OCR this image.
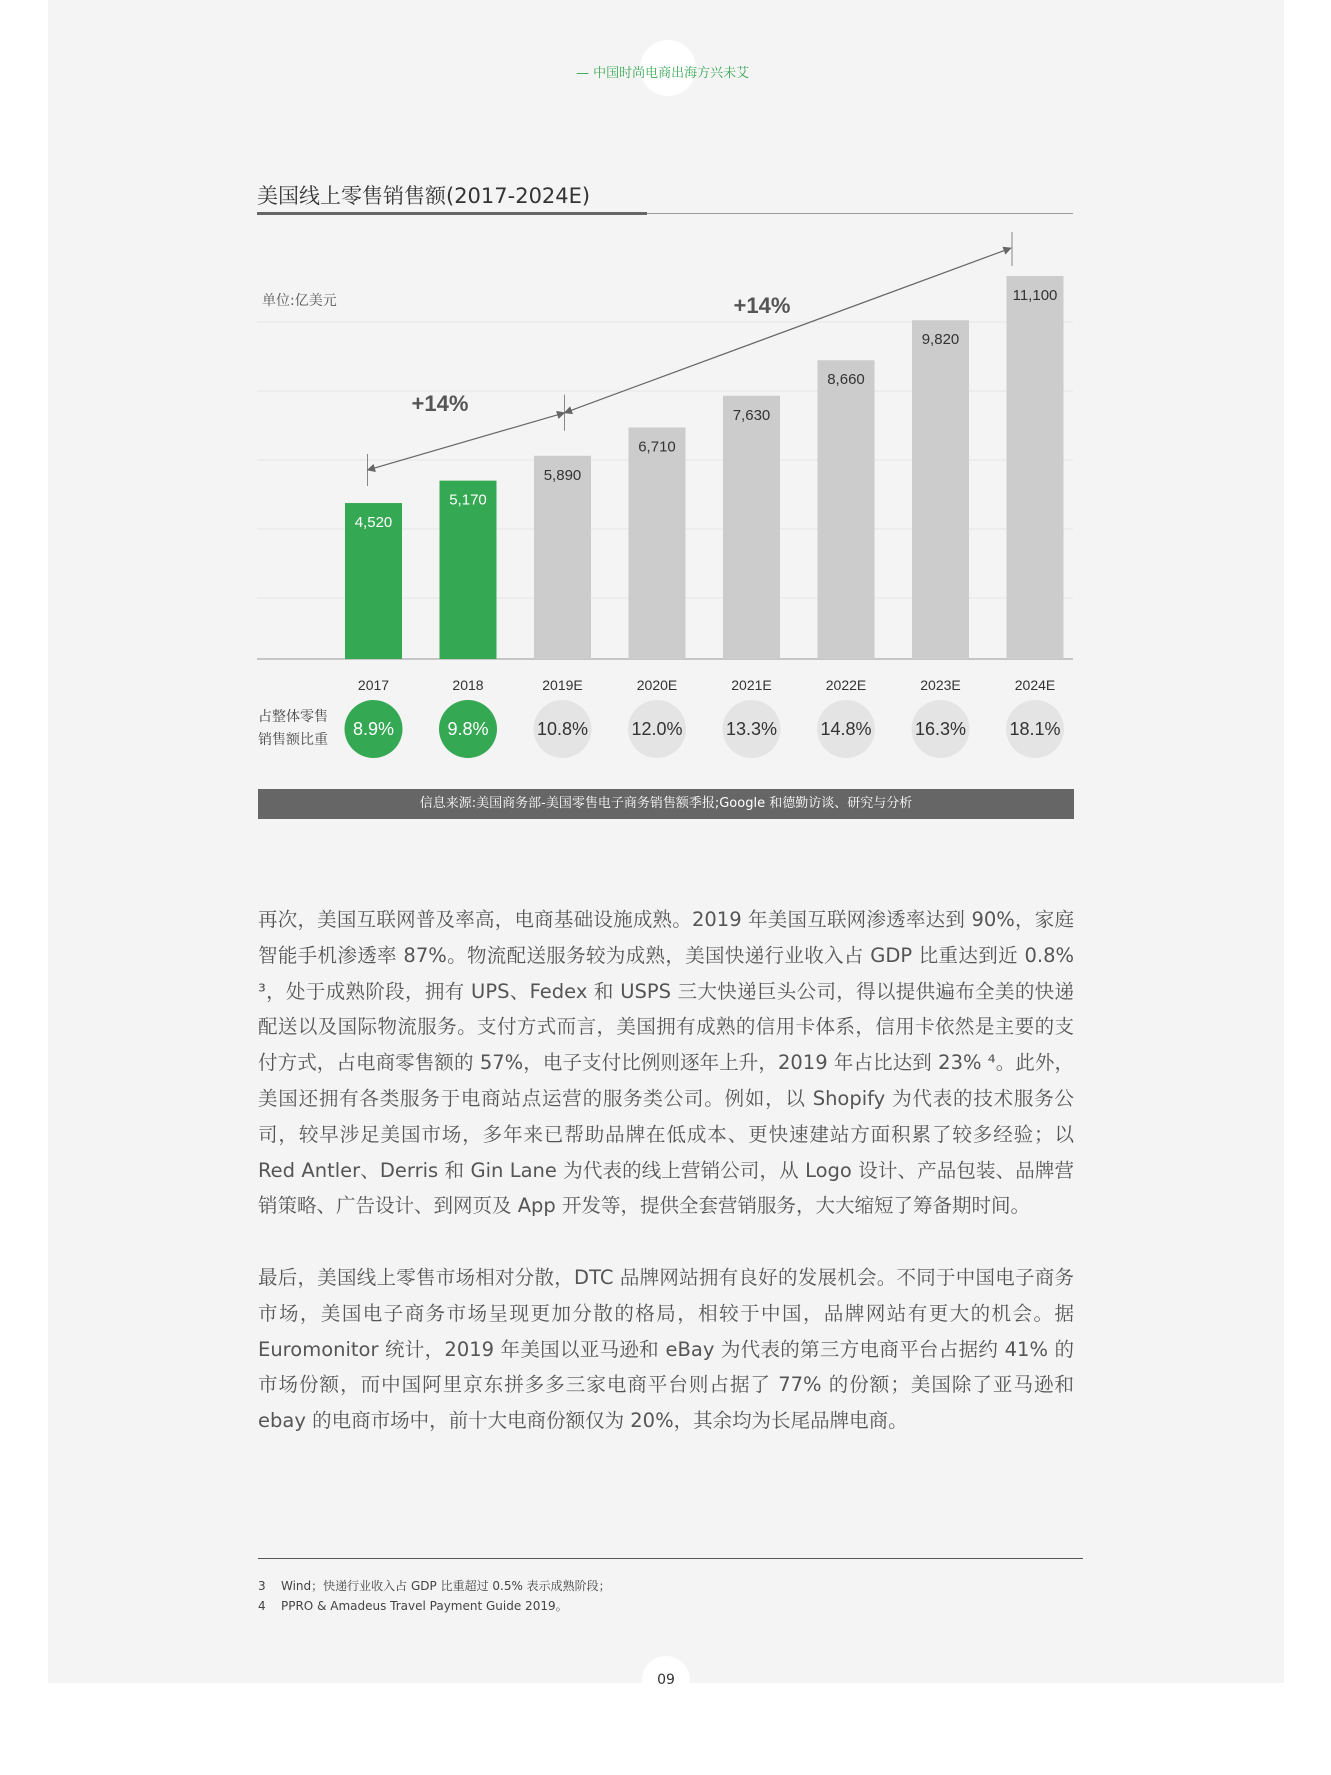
— 中国时尚电商出海方兴未艾
美国线上零售销售额(2017-2024E)
单位:亿美元
4,520
5,170
5,890
6,710
7,630
8,660
9,820
11,100
+14%
+14%
2017	2018	2019E	2020E	2021E	2022E	2023E	2024E
8.9%	9.8%	10.8% 12.0% 13.3% 14.8% 16.3% 18.1%
占整体零售
销售额比重
信息来源:美国商务部-美国零售电子商务销售额季报;Google 和德勤访谈、研究与分析

再次，美国互联网普及率高，电商基础设施成熟。2019 年美国互联网渗透率达到 90%，家庭智能手机渗透率 87%。物流配送服务较为成熟，美国快递行业收入占 GDP 比重达到近 0.8% ³，处于成熟阶段，拥有 UPS、Fedex 和 USPS 三大快递巨头公司，得以提供遍布全美的快递配送以及国际物流服务。支付方式而言，美国拥有成熟的信用卡体系，信用卡依然是主要的支付方式，占电商零售额的 57%，电子支付比例则逐年上升，2019 年占比达到 23% ⁴。此外，美国还拥有各类服务于电商站点运营的服务类公司。例如，以 Shopify 为代表的技术服务公司，较早涉足美国市场，多年来已帮助品牌在低成本、更快速建站方面积累了较多经验；以 Red Antler、Derris 和 Gin Lane 为代表的线上营销公司，从 Logo 设计、产品包装、品牌营销策略、广告设计、到网页及 App 开发等，提供全套营销服务，大大缩短了筹备期时间。

最后，美国线上零售市场相对分散，DTC 品牌网站拥有良好的发展机会。不同于中国电子商务市场，美国电子商务市场呈现更加分散的格局，相较于中国，品牌网站有更大的机会。据 Euromonitor 统计，2019 年美国以亚马逊和 eBay 为代表的第三方电商平台占据约 41% 的市场份额，而中国阿里京东拼多多三家电商平台则占据了 77% 的份额；美国除了亚马逊和 ebay 的电商市场中，前十大电商份额仅为 20%，其余均为长尾品牌电商。

3 Wind；快递行业收入占 GDP 比重超过 0.5% 表示成熟阶段；
4 PPRO & Amadeus Travel Payment Guide 2019。
09
